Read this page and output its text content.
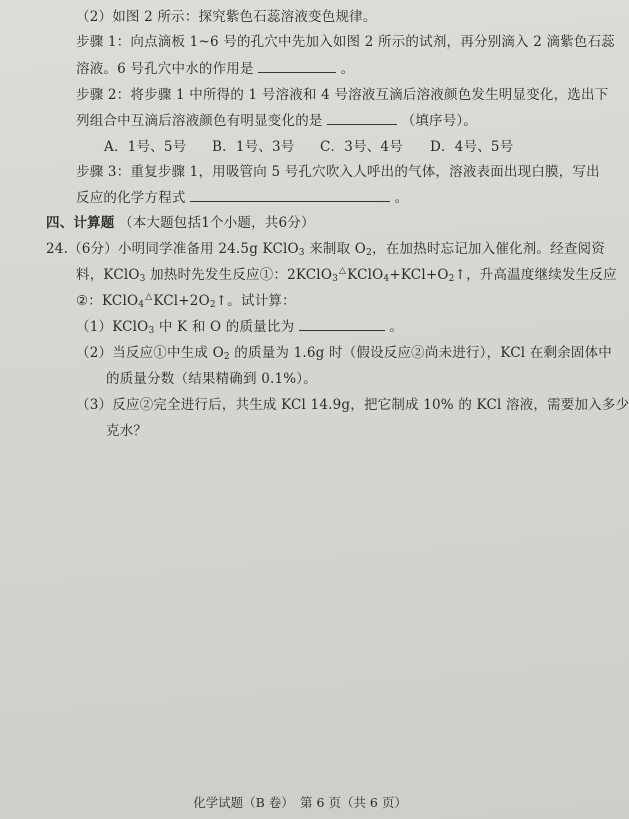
（2）如图 2 所示：探究紫色石蕊溶液变色规律。
步骤 1：向点滴板 1~6 号的孔穴中先加入如图 2 所示的试剂，再分别滴入 2 滴紫色石蕊
溶液。6 号孔穴中水的作用是	。
步骤 2：将步骤 1 中所得的 1 号溶液和 4 号溶液互滴后溶液颜色发生明显变化，选出下
列组合中互滴后溶液颜色有明显变化的是	（填序号）。
A．1号、5号 B．1号、3号 C．3号、4号 D．4号、5号
步骤 3：重复步骤 1，用吸管向 5 号孔穴吹入人呼出的气体，溶液表面出现白膜，写出
反应的化学方程式	。
四、计算题 （本大题包括1个小题，共6分）
24.（6分）小明同学准备用 24.5g KClO$_3$ 来制取 $O_2$，在加热时忘记加入催化剂。经查阅资
料，KClO$_3$ 加热时先发生反应①：$2KClO_3^\triangle KClO_4+KCl+O_2↑$，升高温度继续发生反应
②：$KClO_4^\triangle KCl+2O_2↑$。试计算：
（1）KClO$_3$ 中 K 和 O 的质量比为	。
（2）当反应①中生成 $O_2$ 的质量为 1.6g 时（假设反应②尚未进行），KCl 在剩余固体中
的质量分数（结果精确到 0.1%）。
（3）反应②完全进行后，共生成 KCl 14.9g，把它制成 10% 的 KCl 溶液，需要加入多少
克水？
化学试题（B 卷）　第 6 页（共 6 页）
